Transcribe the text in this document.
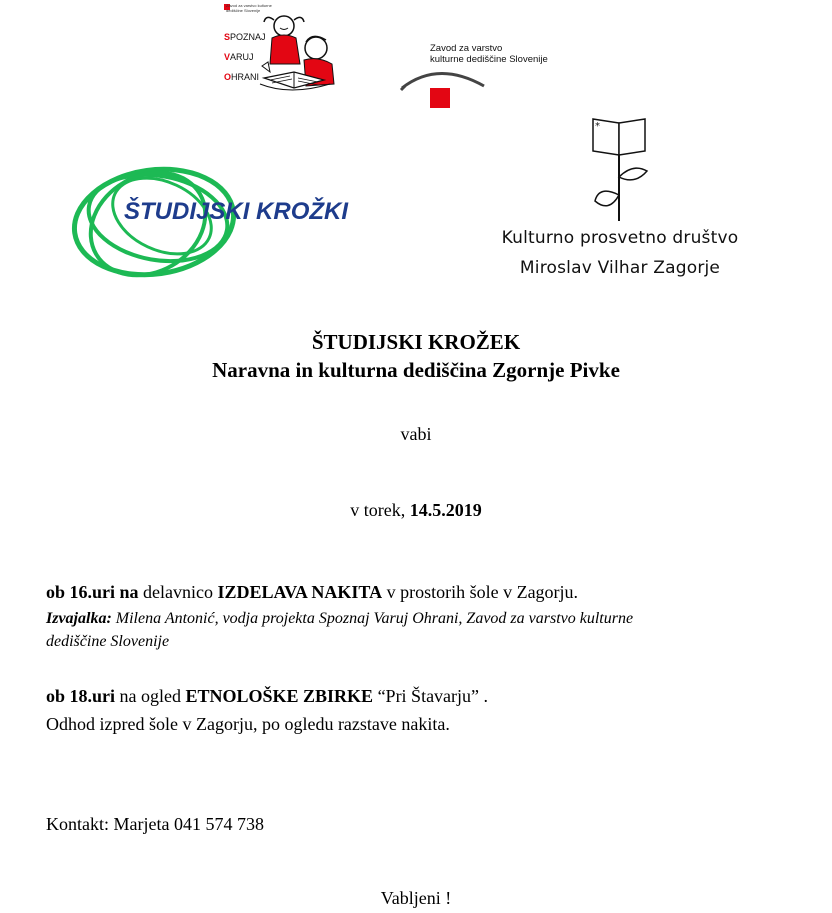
Zavod za varstvo kulturne dediščine Slovenije
SPOZNAJ
VARUJ
OHRANI
Zavod za varstvo
kulturne dediščine Slovenije
ŠTUDIJSKI KROŽKI
*
Kulturno prosvetno društvo
Miroslav Vilhar Zagorje
ŠTUDIJSKI KROŽEK
Naravna in kulturna dediščina Zgornje Pivke
vabi
v torek, 14.5.2019
ob 16.uri na delavnico IZDELAVA NAKITA v prostorih šole v Zagorju.
Izvajalka: Milena Antonić, vodja projekta Spoznaj Varuj Ohrani, Zavod za varstvo kulturne
dediščine Slovenije
ob 18.uri na ogled ETNOLOŠKE ZBIRKE “Pri Štavarju” .
Odhod izpred šole v Zagorju, po ogledu razstave nakita.
Kontakt: Marjeta 041 574 738
Vabljeni !
